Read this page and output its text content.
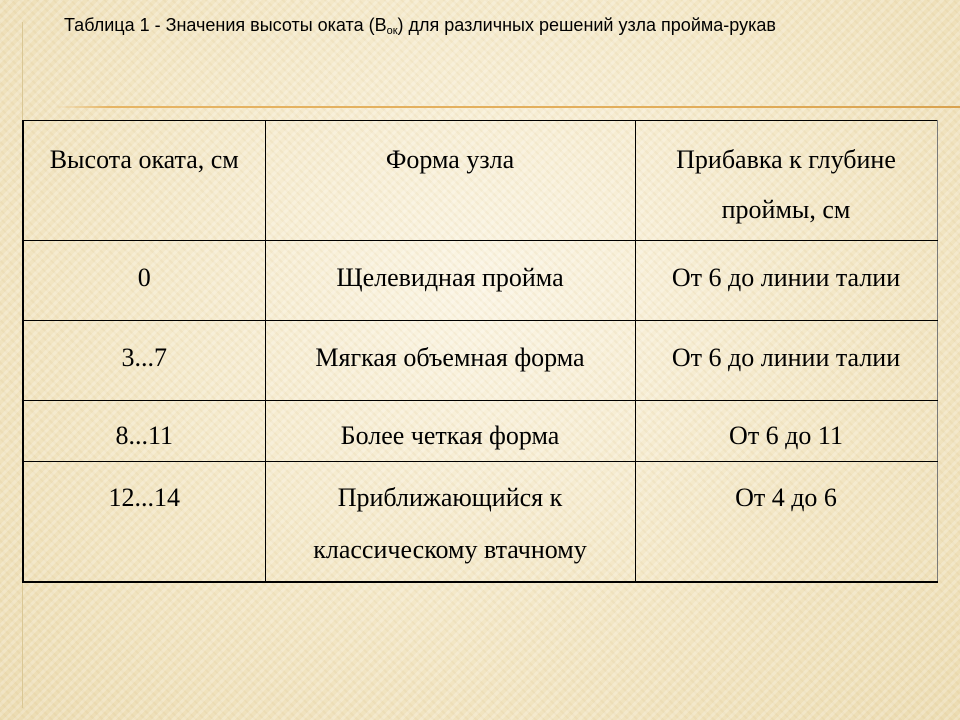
Таблица 1 - Значения высоты оката $(В_{ок})$ для различных решений узла пройма-рукав
Высота оката, см	Форма узла	Прибавка к глубине проймы, см
0	Щелевидная пройма	От 6 до линии талии
3...7	Мягкая объемная форма	От 6 до линии талии
8...11	Более четкая форма	От 6 до 11
12...14	Приближающийся к классическому втачному	От 4 до 6
